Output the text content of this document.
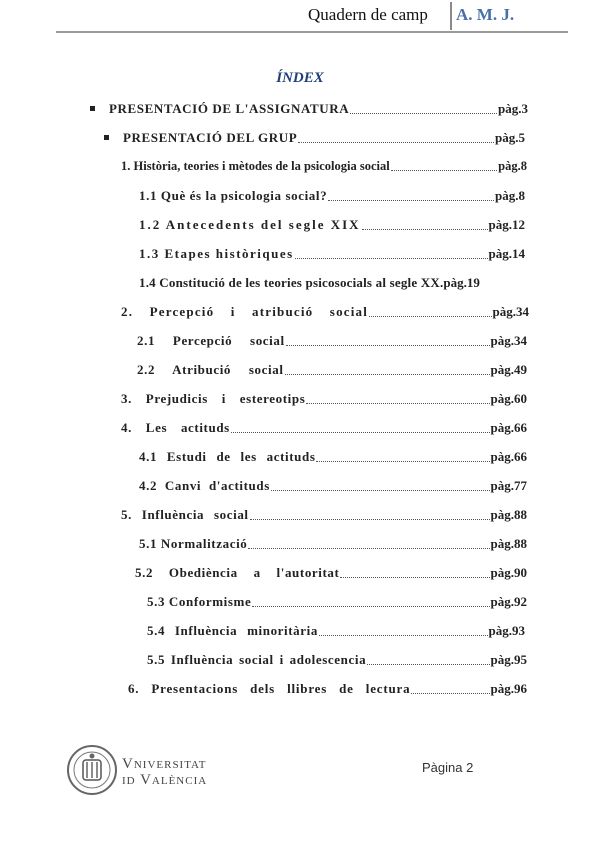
Quadern de camp A. M. J.
ÍNDEX
PRESENTACIÓ DE L'ASSIGNATURA	pàg.3
PRESENTACIÓ DEL GRUP	pàg.5
1. Història, teories i mètodes de la psicologia social	pàg.8
1.1 Què és la psicologia social?	pàg.8
1.2 Antecedents del segle XIX	pàg.12
1.3 Etapes històriques	pàg.14
1.4 Constitució de les teories psicosocials al segle XX. pàg.19
2. Percepció i atribució social	pàg.34
2.1 Percepció social	pàg.34
2.2 Atribució social	pàg.49
3. Prejudicis i estereotips	pàg.60
4. Les actituds	pàg.66
4.1 Estudi de les actituds	pàg.66
4.2 Canvi d'actituds	pàg.77
5. Influència social	pàg.88
5.1 Normalització	pàg.88
5.2 Obediència a l'autoritat	pàg.90
5.3 Conformisme	pàg.92
5.4 Influència minoritària	pàg.93
5.5 Influència social i adolescencia	pàg.95
6. Presentacions dels llibres de lectura	pàg.96
Vniversitat
id València
Pàgina 2
